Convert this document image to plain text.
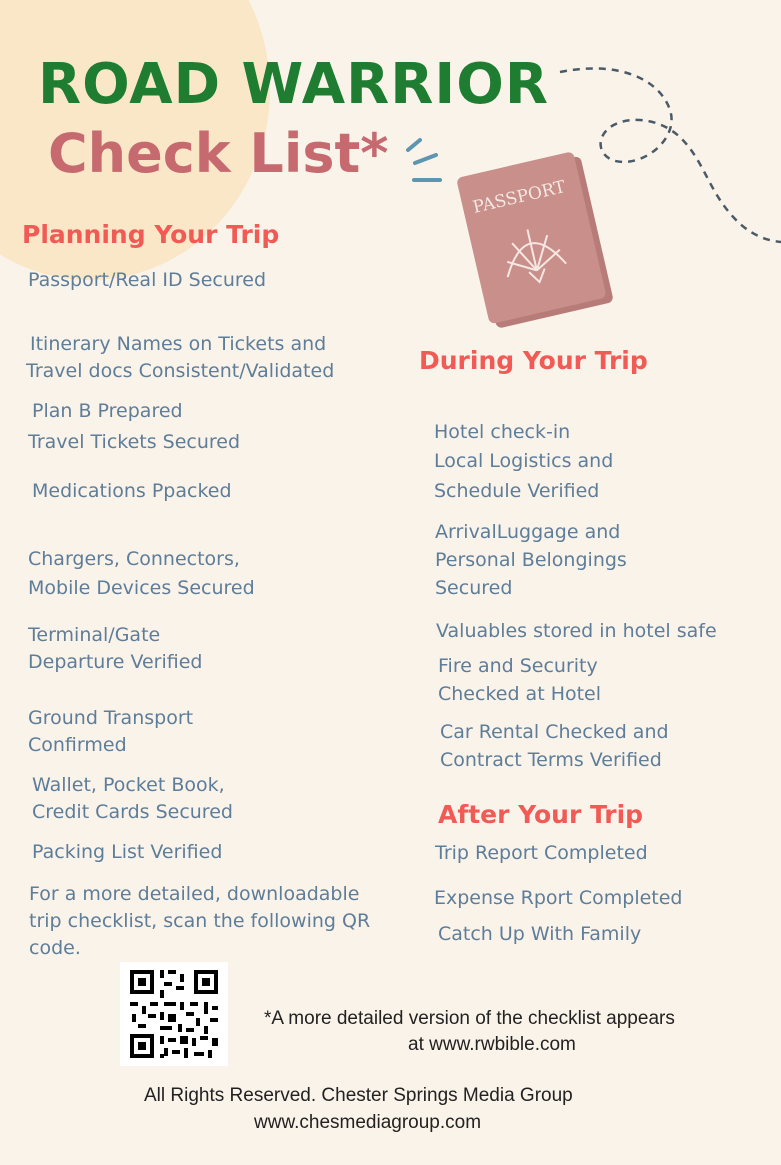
PASSPORT
ROAD WARRIOR
Check List*
Planning Your Trip
Passport/Real ID Secured
Itinerary Names on Tickets and
Travel docs Consistent/Validated
Plan B Prepared
Travel Tickets Secured
Medications Ppacked
Chargers, Connectors,
Mobile Devices Secured
Terminal/Gate
Departure Verified
Ground Transport
Confirmed
Wallet, Pocket Book,
Credit Cards Secured
Packing List Verified
For a more detailed, downloadable
trip checklist, scan the following QR
code.
During Your Trip
Hotel check-in
Local Logistics and
Schedule Verified
ArrivalLuggage and
Personal Belongings
Secured
Valuables stored in hotel safe
Fire and Security
Checked at Hotel
Car Rental Checked and
Contract Terms Verified
After Your Trip
Trip Report Completed
Expense Rport Completed
Catch Up With Family
*A more detailed version of the checklist appears
at www.rwbible.com
All Rights Reserved. Chester Springs Media Group
www.chesmediagroup.com
